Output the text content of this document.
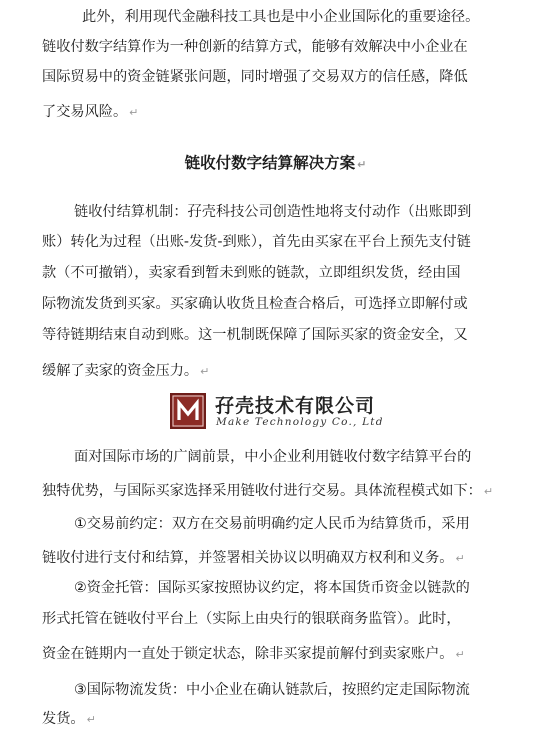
此外，利用现代金融科技工具也是中小企业国际化的重要途径。
链收付数字结算作为一种创新的结算方式，能够有效解决中小企业在
国际贸易中的资金链紧张问题，同时增强了交易双方的信任感，降低
了交易风险。 ↵
链收付数字结算解决方案 ↵
链收付结算机制：孖壳科技公司创造性地将支付动作（出账即到
账）转化为过程（出账-发货-到账），首先由买家在平台上预先支付链
款（不可撤销），卖家看到暂未到账的链款，立即组织发货，经由国
际物流发货到买家。买家确认收货且检查合格后，可选择立即解付或
等待链期结束自动到账。这一机制既保障了国际买家的资金安全，又
缓解了卖家的资金压力。 ↵
孖壳技术有限公司
Make Technology Co., Ltd
面对国际市场的广阔前景，中小企业利用链收付数字结算平台的
独特优势，与国际买家选择采用链收付进行交易。具体流程模式如下： ↵
①交易前约定：双方在交易前明确约定人民币为结算货币，采用
链收付进行支付和结算，并签署相关协议以明确双方权利和义务。 ↵
②资金托管：国际买家按照协议约定，将本国货币资金以链款的
形式托管在链收付平台上（实际上由央行的银联商务监管）。此时，
资金在链期内一直处于锁定状态，除非买家提前解付到卖家账户。 ↵
③国际物流发货：中小企业在确认链款后，按照约定走国际物流
发货。 ↵
